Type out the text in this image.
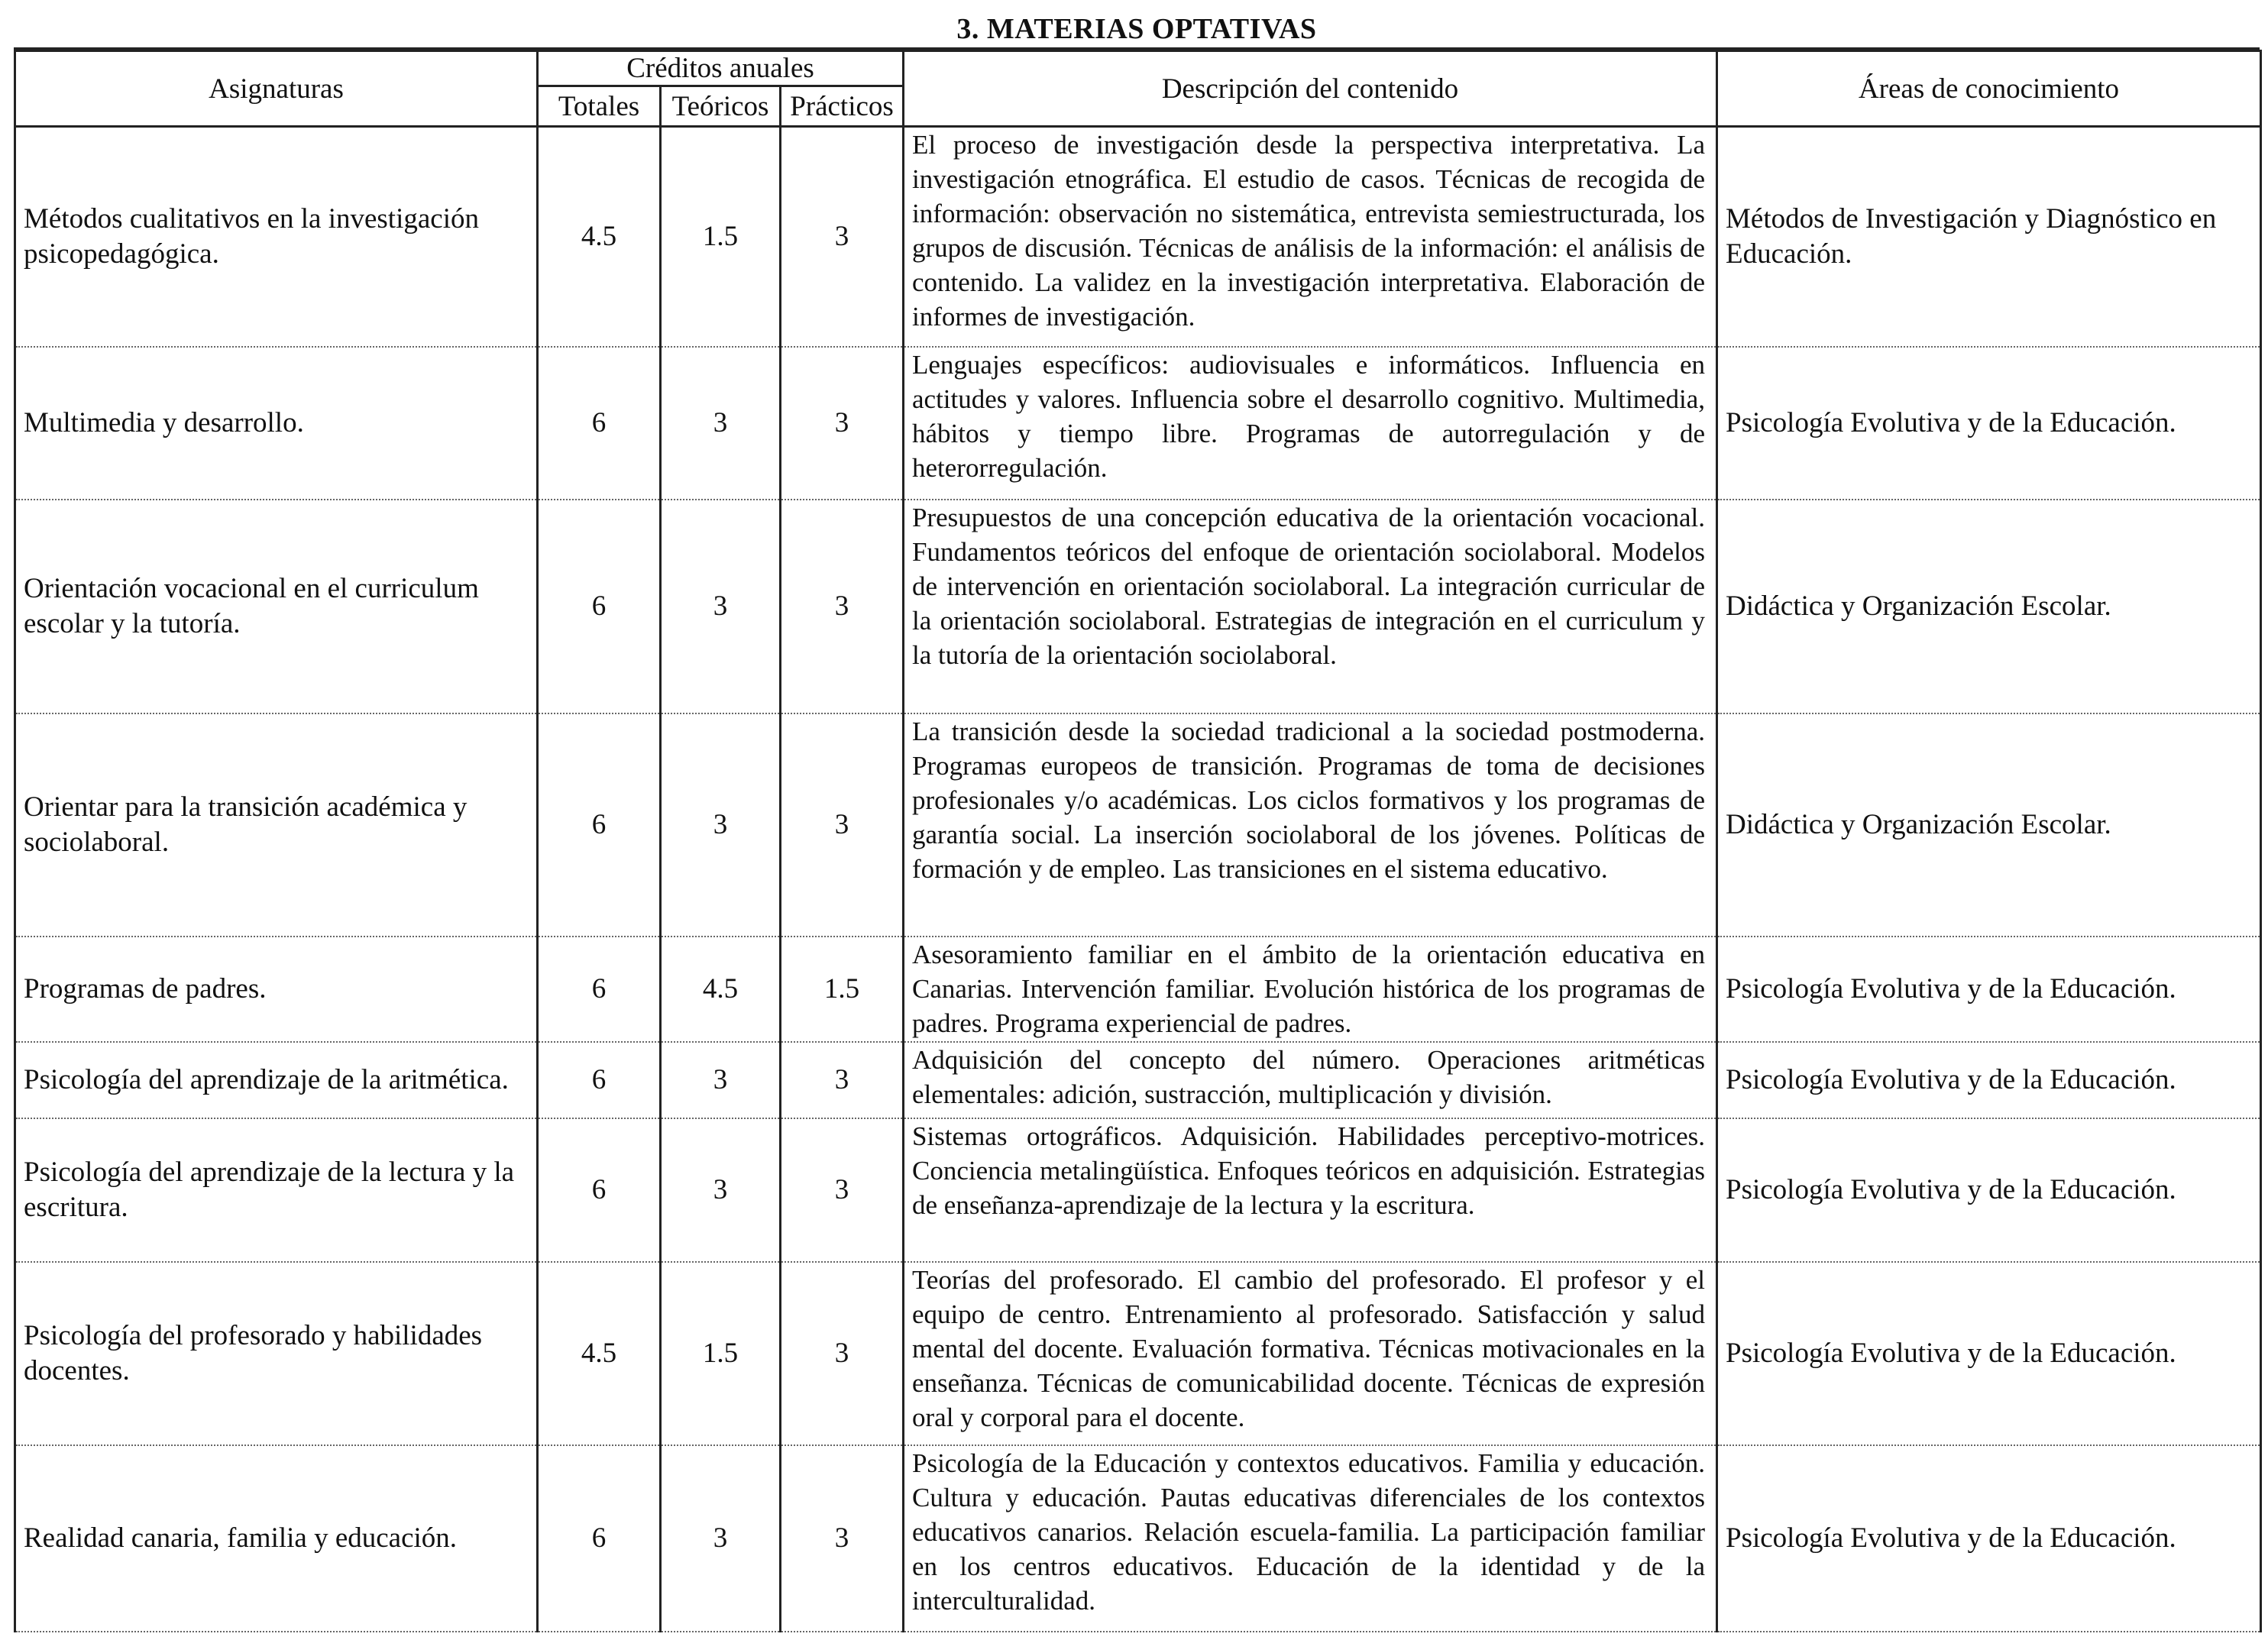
3. MATERIAS OPTATIVAS
Asignaturas	Créditos anuales			Descripción del contenido	Áreas de conocimiento
	Totales	Teóricos	Prácticos		
Métodos cualitativos en la investigación psicopedagógica.	4.5	1.5	3	El proceso de investigación desde la perspectiva interpretativa. La investigación etnográfica. El estudio de casos. Técnicas de recogida de información: observación no sistemática, entrevista semiestructurada, los grupos de discusión. Técnicas de análisis de la información: el análisis de contenido. La validez en la investigación interpretativa. Elaboración de informes de investigación.	Métodos de Investigación y Diagnóstico en Educación.
Multimedia y desarrollo.	6	3	3	Lenguajes específicos: audiovisuales e informáticos. Influencia en actitudes y valores. Influencia sobre el desarrollo cognitivo. Multimedia, hábitos y tiempo libre. Programas de autorregulación y de heterorregulación.	Psicología Evolutiva y de la Educación.
Orientación vocacional en el curriculum escolar y la tutoría.	6	3	3	Presupuestos de una concepción educativa de la orientación vocacional. Fundamentos teóricos del enfoque de orientación sociolaboral. Modelos de intervención en orientación sociolaboral. La integración curricular de la orientación sociolaboral. Estrategias de integración en el curriculum y la tutoría de la orientación sociolaboral.	Didáctica y Organización Escolar.
Orientar para la transición académica y sociolaboral.	6	3	3	La transición desde la sociedad tradicional a la sociedad postmoderna. Programas europeos de transición. Programas de toma de decisiones profesionales y/o académicas. Los ciclos formativos y los programas de garantía social. La inserción sociolaboral de los jóvenes. Políticas de formación y de empleo. Las transiciones en el sistema educativo.	Didáctica y Organización Escolar.
Programas de padres.	6	4.5	1.5	Asesoramiento familiar en el ámbito de la orientación educativa en Canarias. Intervención familiar. Evolución histórica de los programas de padres. Programa experiencial de padres.	Psicología Evolutiva y de la Educación.
Psicología del aprendizaje de la aritmética.	6	3	3	Adquisición del concepto del número. Operaciones aritméticas elementales: adición, sustracción, multiplicación y división.	Psicología Evolutiva y de la Educación.
Psicología del aprendizaje de la lectura y la escritura.	6	3	3	Sistemas ortográficos. Adquisición. Habilidades perceptivo-motrices. Conciencia metalingüística. Enfoques teóricos en adquisición. Estrategias de enseñanza-aprendizaje de la lectura y la escritura.	Psicología Evolutiva y de la Educación.
Psicología del profesorado y habilidades docentes.	4.5	1.5	3	Teorías del profesorado. El cambio del profesorado. El profesor y el equipo de centro. Entrenamiento al profesorado. Satisfacción y salud mental del docente. Evaluación formativa. Técnicas motivacionales en la enseñanza. Técnicas de comunicabilidad docente. Técnicas de expresión oral y corporal para el docente.	Psicología Evolutiva y de la Educación.
Realidad canaria, familia y educación.	6	3	3	Psicología de la Educación y contextos educativos. Familia y educación. Cultura y educación. Pautas educativas diferenciales de los contextos educativos canarios. Relación escuela-familia. La participación familiar en los centros educativos. Educación de la identidad y de la interculturalidad.	Psicología Evolutiva y de la Educación.
